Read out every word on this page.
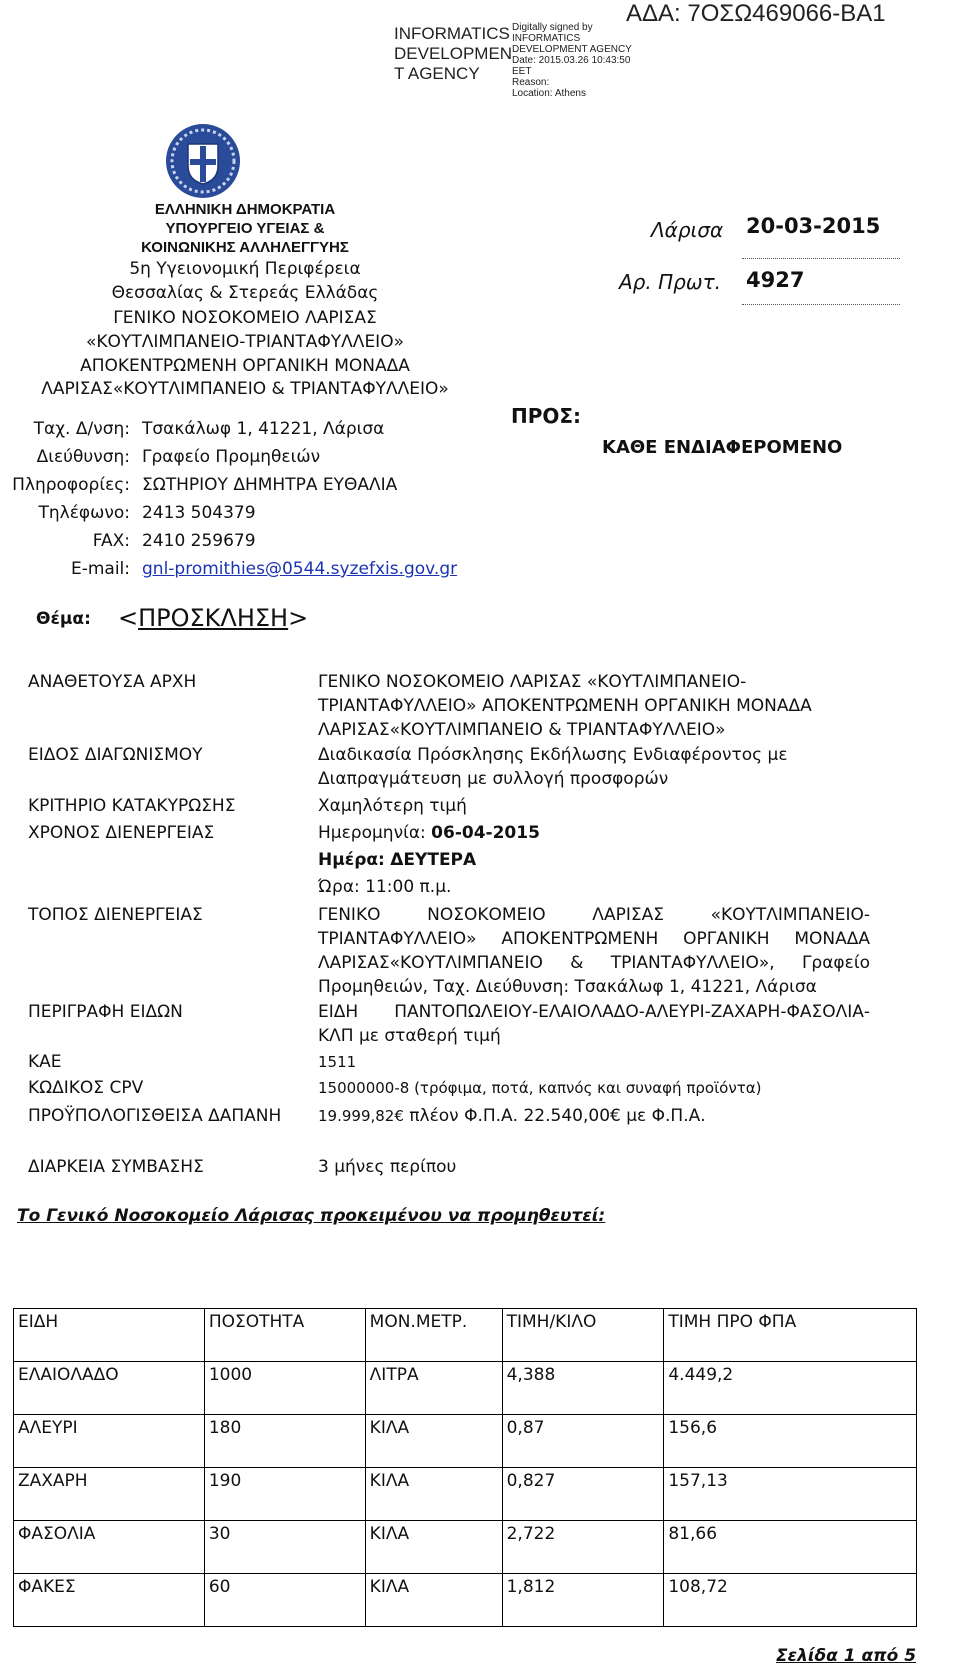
INFORMATICS
DEVELOPMEN
T AGENCY
Digitally signed by
INFORMATICS
DEVELOPMENT AGENCY
Date: 2015.03.26 10:43:50
EET
Reason:
Location: Athens
ΑΔΑ: 7ΟΣΩ469066-ΒΑ1
ΕΛΛΗΝΙΚΗ ΔΗΜΟΚΡΑΤΙΑ
ΥΠΟΥΡΓΕΙΟ ΥΓΕΙΑΣ &
ΚΟΙΝΩΝΙΚΗΣ ΑΛΛΗΛΕΓΓΥΗΣ
5η Υγειονομική Περιφέρεια
Θεσσαλίας & Στερεάς Ελλάδας
ΓΕΝΙΚΟ ΝΟΣΟΚΟΜΕΙΟ ΛΑΡΙΣΑΣ
«ΚΟΥΤΛΙΜΠΑΝΕΙΟ-ΤΡΙΑΝΤΑΦΥΛΛΕΙΟ»
ΑΠΟΚΕΝΤΡΩΜΕΝΗ ΟΡΓΑΝΙΚΗ ΜΟΝΑΔΑ
ΛΑΡΙΣΑΣ«ΚΟΥΤΛΙΜΠΑΝΕΙΟ & ΤΡΙΑΝΤΑΦΥΛΛΕΙΟ»
Ταχ. Δ/νση: Τσακάλωφ 1, 41221, Λάρισα
Διεύθυνση: Γραφείο Προμηθειών
Πληροφορίες: ΣΩΤΗΡΙΟΥ ΔΗΜΗΤΡΑ ΕΥΘΑΛΙΑ
Τηλέφωνο: 2413 504379
FAX: 2410 259679
E-mail: gnl-promithies@0544.syzefxis.gov.gr
Λάρισα 20-03-2015
Αρ. Πρωτ. 4927
ΠΡΟΣ:
ΚΑΘΕ ΕΝΔΙΑΦΕΡΟΜΕΝΟ
Θέμα: <ΠΡΟΣΚΛΗΣΗ>
ΑΝΑΘΕΤΟΥΣΑ ΑΡΧΗ	ΓΕΝΙΚΟ ΝΟΣΟΚΟΜΕΙΟ ΛΑΡΙΣΑΣ «ΚΟΥΤΛΙΜΠΑΝΕΙΟ-ΤΡΙΑΝΤΑΦΥΛΛΕΙΟ» ΑΠΟΚΕΝΤΡΩΜΕΝΗ ΟΡΓΑΝΙΚΗ ΜΟΝΑΔΑ ΛΑΡΙΣΑΣ«ΚΟΥΤΛΙΜΠΑΝΕΙΟ & ΤΡΙΑΝΤΑΦΥΛΛΕΙΟ»
ΕΙΔΟΣ ΔΙΑΓΩΝΙΣΜΟΥ	Διαδικασία Πρόσκλησης Εκδήλωσης Ενδιαφέροντος με Διαπραγμάτευση με συλλογή προσφορών
ΚΡΙΤΗΡΙΟ ΚΑΤΑΚΥΡΩΣΗΣ	Χαμηλότερη τιμή
ΧΡΟΝΟΣ ΔΙΕΝΕΡΓΕΙΑΣ	Ημερομηνία: 06-04-2015
Ημέρα: ΔΕΥΤΕΡΑ
Ώρα: 11:00 π.μ.
ΤΟΠΟΣ ΔΙΕΝΕΡΓΕΙΑΣ	ΓΕΝΙΚΟ ΝΟΣΟΚΟΜΕΙΟ ΛΑΡΙΣΑΣ «ΚΟΥΤΛΙΜΠΑΝΕΙΟ-ΤΡΙΑΝΤΑΦΥΛΛΕΙΟ» ΑΠΟΚΕΝΤΡΩΜΕΝΗ ΟΡΓΑΝΙΚΗ ΜΟΝΑΔΑ ΛΑΡΙΣΑΣ«ΚΟΥΤΛΙΜΠΑΝΕΙΟ & ΤΡΙΑΝΤΑΦΥΛΛΕΙΟ», Γραφείο Προμηθειών, Ταχ. Διεύθυνση: Τσακάλωφ 1, 41221, Λάρισα
ΠΕΡΙΓΡΑΦΗ ΕΙΔΩΝ	ΕΙΔΗ ΠΑΝΤΟΠΩΛΕΙΟΥ-ΕΛΑΙΟΛΑΔΟ-ΑΛΕΥΡΙ-ΖΑΧΑΡΗ-ΦΑΣΟΛΙΑ-ΚΛΠ με σταθερή τιμή
ΚΑΕ	1511
ΚΩΔΙΚΟΣ CPV	15000000-8 (τρόφιμα, ποτά, καπνός και συναφή προϊόντα)
ΠΡΟΫΠΟΛΟΓΙΣΘΕΙΣΑ ΔΑΠΑΝΗ	19.999,82€ πλέον Φ.Π.Α. 22.540,00€ με Φ.Π.Α.
ΔΙΑΡΚΕΙΑ ΣΥΜΒΑΣΗΣ	3 μήνες περίπου
Το Γενικό Νοσοκομείο Λάρισας προκειμένου να προμηθευτεί:
ΕΙΔΗ	ΠΟΣΟΤΗΤΑ	ΜΟΝ.ΜΕΤΡ.	ΤΙΜΗ/ΚΙΛΟ	ΤΙΜΗ ΠΡΟ ΦΠΑ
ΕΛΑΙΟΛΑΔΟ	1000	ΛΙΤΡΑ	4,388	4.449,2
ΑΛΕΥΡΙ	180	ΚΙΛΑ	0,87	156,6
ΖΑΧΑΡΗ	190	ΚΙΛΑ	0,827	157,13
ΦΑΣΟΛΙΑ	30	ΚΙΛΑ	2,722	81,66
ΦΑΚΕΣ	60	ΚΙΛΑ	1,812	108,72
Σελίδα 1 από 5
